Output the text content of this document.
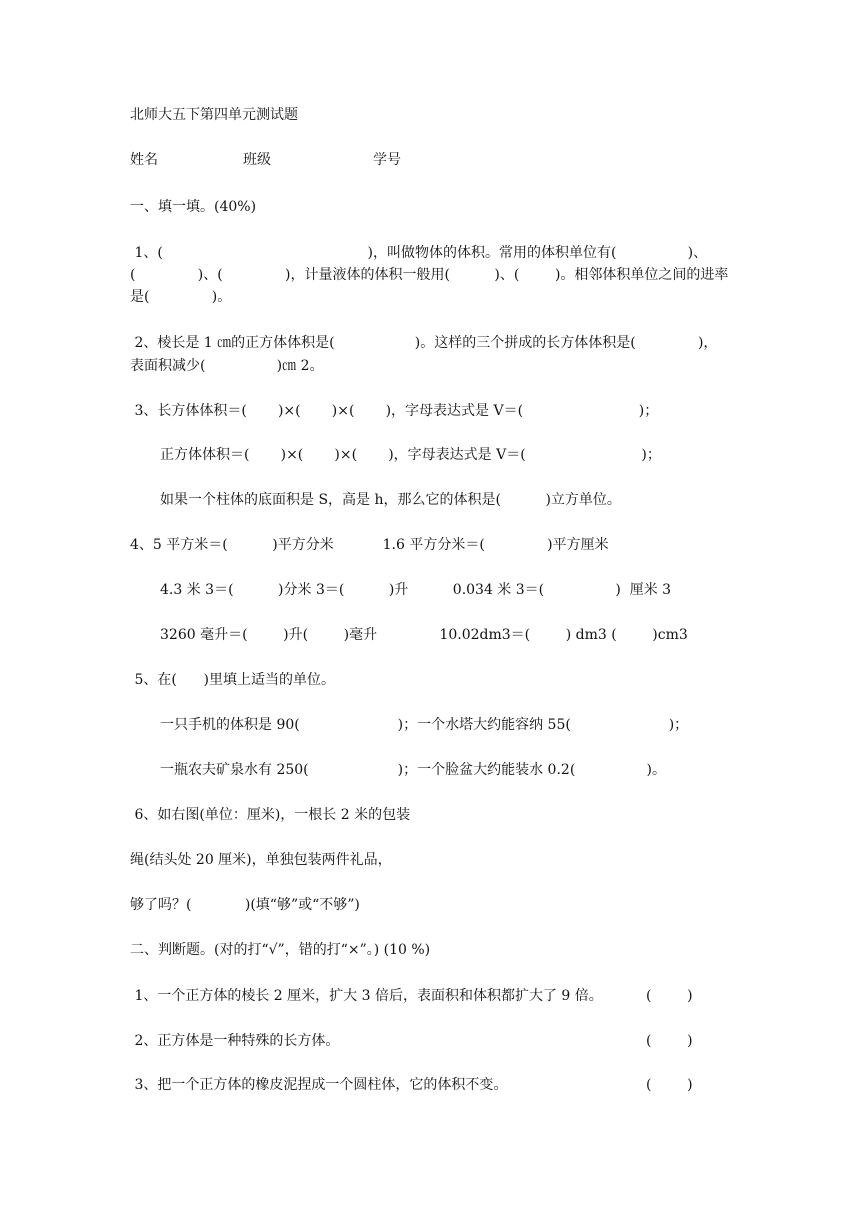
北师大五下第四单元测试题
姓名	班级	学号
一、填一填。(40%)
1、(                                              )，叫做物体的体积。常用的体积单位有(                )、
(              )、(              )，计量液体的体积一般用(          )、(        )。相邻体积单位之间的进率
是(              )。
2、棱长是 1 ㎝的正方体体积是(                  )。这样的三个拼成的长方体体积是(              )，
表面积减少(                )㎝ 2。
3、长方体体积＝(       )×(       )×(       )，字母表达式是 V＝(                          )；
正方体体积＝(       )×(       )×(       )，字母表达式是 V＝(                          )；
如果一个柱体的底面积是 S，高是 h，那么它的体积是(          )立方单位。
4、5 平方米＝(          )平方分米           1.6 平方分米＝(              )平方厘米
4.3 米 3＝(          )分米 3＝(          )升          0.034 米 3＝(                )  厘米 3
3260 毫升＝(        )升(        )毫升              10.02dm3＝(        ) dm3 (        )cm3
5、在(      )里填上适当的单位。
一只手机的体积是 90(                      )；一个水塔大约能容纳 55(                      )；
一瓶农夫矿泉水有 250(                    )；一个脸盆大约能装水 0.2(                )。
6、如右图(单位：厘米)，一根长 2 米的包装
绳(结头处 20 厘米)，单独包装两件礼品，
够了吗？(            )(填“够”或“不够”)
二、判断题。(对的打“√”，错的打“×”。) (10 %)
1、一个正方体的棱长 2 厘米，扩大 3 倍后，表面积和体积都扩大了 9 倍。	(        )
2、正方体是一种特殊的长方体。	(        )
3、把一个正方体的橡皮泥捏成一个圆柱体，它的体积不变。	(        )
